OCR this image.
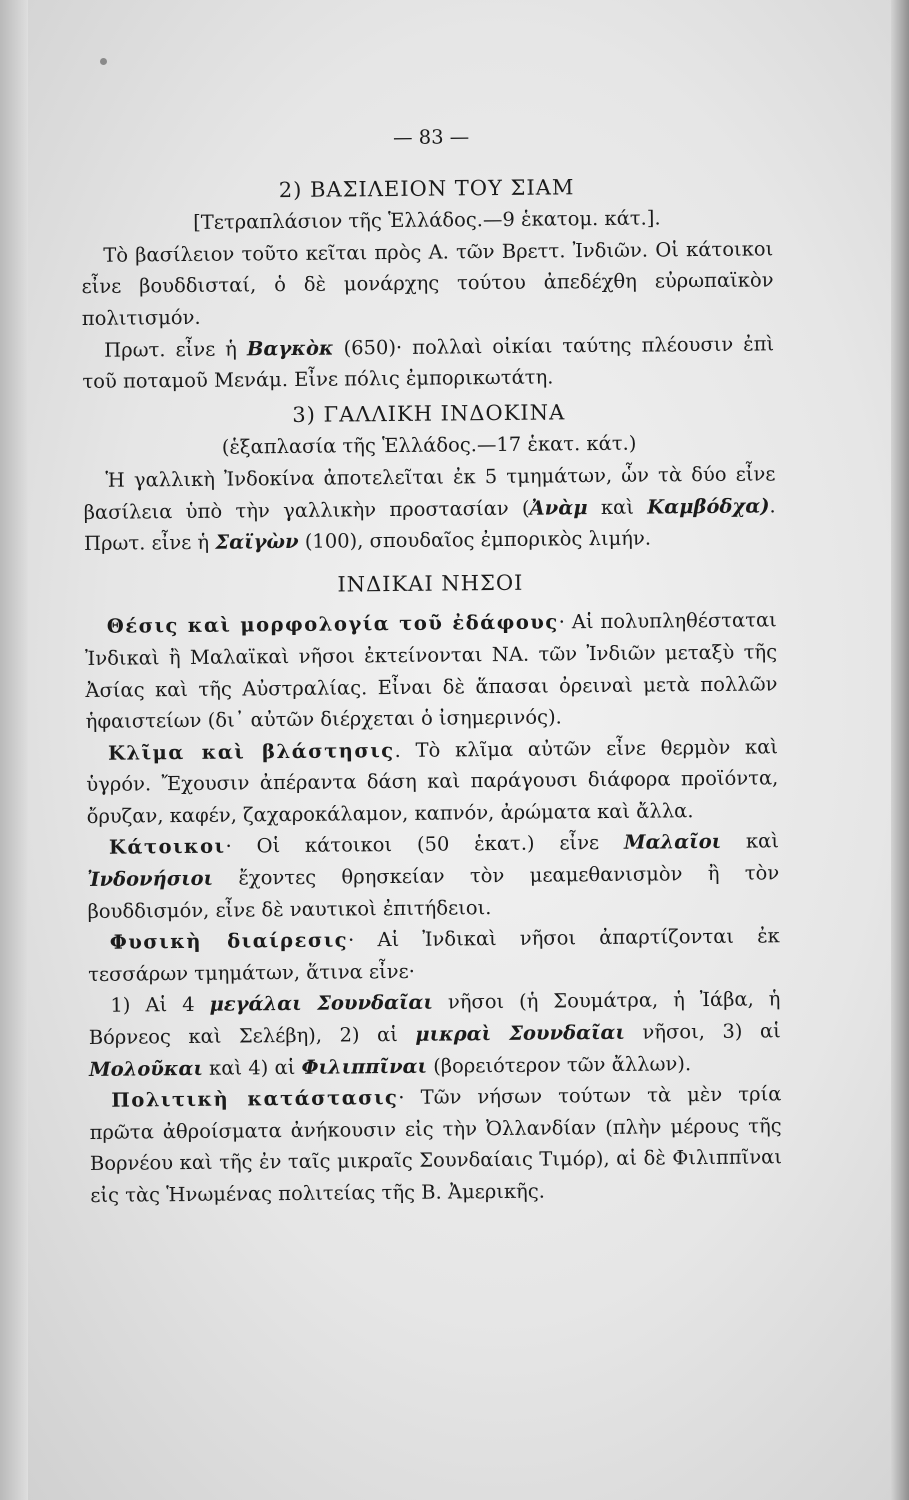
— 83 —
2) ΒΑΣΙΛΕΙΟΝ ΤΟΥ ΣΙΑΜ
[Τετραπλάσιον τῆς Ἑλλάδος.—9 ἑκατομ. κάτ.].

Τὸ βασίλειον τοῦτο κεῖται πρὸς Α. τῶν Βρεττ. Ἰνδιῶν. Οἱ κάτοικοι εἶνε βουδδισταί, ὁ δὲ μονάρχης τούτου ἀπεδέχθη εὐρωπαϊκὸν πολιτισμόν.

Πρωτ. εἶνε ἡ Βαγκὸκ (650)· πολλαὶ οἰκίαι ταύτης πλέουσιν ἐπὶ τοῦ ποταμοῦ Μενάμ. Εἶνε πόλις ἐμπορικωτάτη.

3) ΓΑΛΛΙΚΗ ΙΝΔΟΚΙΝΑ
(ἑξαπλασία τῆς Ἑλλάδος.—17 ἑκατ. κάτ.)

Ἡ γαλλικὴ Ἰνδοκίνα ἀποτελεῖται ἐκ 5 τμημάτων, ὧν τὰ δύο εἶνε βασίλεια ὑπὸ τὴν γαλλικὴν προστασίαν (Ἀνὰμ καὶ Καμβόδχα). Πρωτ. εἶνε ἡ Σαϊγὼν (100), σπουδαῖος ἐμπορικὸς λιμήν.

ΙΝΔΙΚΑΙ ΝΗΣΟΙ

Θέσις καὶ μορφολογία τοῦ ἐδάφους· Αἱ πολυπληθέσταται Ἰνδικαὶ ἢ Μαλαϊκαὶ νῆσοι ἐκτείνονται ΝΑ. τῶν Ἰνδιῶν μεταξὺ τῆς Ἀσίας καὶ τῆς Αὐστραλίας. Εἶναι δὲ ἅπασαι ὀρειναὶ μετὰ πολλῶν ἡφαιστείων (δι᾿ αὐτῶν διέρχεται ὁ ἰσημερινός).

Κλῖμα καὶ βλάστησις. Τὸ κλῖμα αὐτῶν εἶνε θερμὸν καὶ ὑγρόν. Ἔχουσιν ἀπέραντα δάση καὶ παράγουσι διάφορα προϊόντα, ὄρυζαν, καφέν, ζαχαροκάλαμον, καπνόν, ἀρώματα καὶ ἄλλα.

Κάτοικοι· Οἱ κάτοικοι (50 ἑκατ.) εἶνε Μαλαῖοι καὶ Ἰνδονήσιοι ἔχοντες θρησκείαν τὸν μεαμεθανισμὸν ἢ τὸν βουδδισμόν, εἶνε δὲ ναυτικοὶ ἐπιτήδειοι.

Φυσικὴ διαίρεσις· Αἱ Ἰνδικαὶ νῆσοι ἀπαρτίζονται ἐκ τεσσάρων τμημάτων, ἅτινα εἶνε·

1) Αἱ 4 μεγάλαι Σουνδαῖαι νῆσοι (ἡ Σουμάτρα, ἡ Ἰάβα, ἡ Βόρνεος καὶ Σελέβη), 2) αἱ μικραὶ Σουνδαῖαι νῆσοι, 3) αἱ Μολοῦκαι καὶ 4) αἱ Φιλιππῖναι (βορειότερον τῶν ἄλλων).

Πολιτικὴ κατάστασις· Τῶν νήσων τούτων τὰ μὲν τρία πρῶτα ἀθροίσματα ἀνήκουσιν εἰς τὴν Ὀλλανδίαν (πλὴν μέρους τῆς Βορνέου καὶ τῆς ἐν ταῖς μικραῖς Σουνδαίαις Τιμόρ), αἱ δὲ Φιλιππῖναι εἰς τὰς Ἡνωμένας πολιτείας τῆς Β. Ἀμερικῆς.
